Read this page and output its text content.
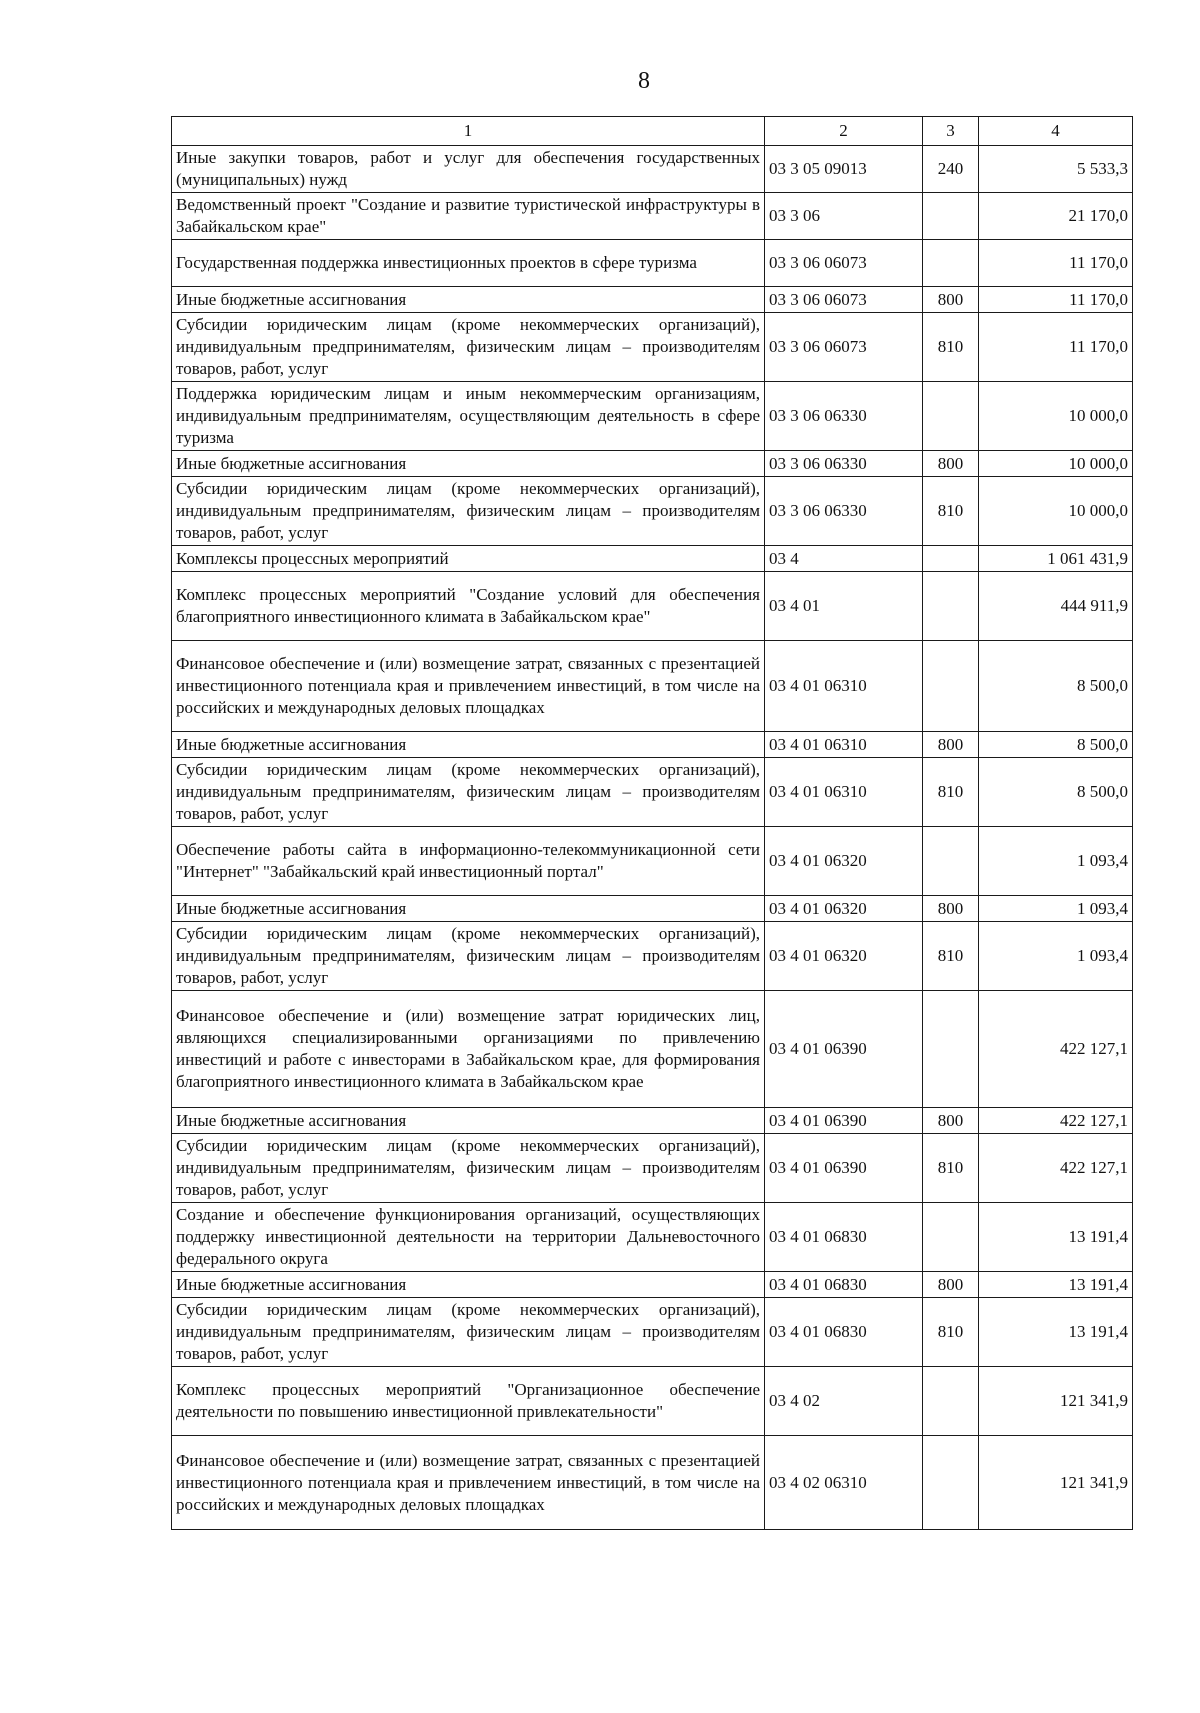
8
1	2	3	4
Иные закупки товаров, работ и услуг для обеспечения государственных (муниципальных) нужд	03 3 05 09013	240	5 533,3
Ведомственный проект "Создание и развитие туристической инфраструктуры в Забайкальском крае"	03 3 06		21 170,0
Государственная поддержка инвестиционных проектов в сфере туризма	03 3 06 06073		11 170,0
Иные бюджетные ассигнования	03 3 06 06073	800	11 170,0
Субсидии юридическим лицам (кроме некоммерческих организаций), индивидуальным предпринимателям, физическим лицам – производителям товаров, работ, услуг	03 3 06 06073	810	11 170,0
Поддержка юридическим лицам и иным некоммерческим организациям, индивидуальным предпринимателям, осуществляющим деятельность в сфере туризма	03 3 06 06330		10 000,0
Иные бюджетные ассигнования	03 3 06 06330	800	10 000,0
Субсидии юридическим лицам (кроме некоммерческих организаций), индивидуальным предпринимателям, физическим лицам – производителям товаров, работ, услуг	03 3 06 06330	810	10 000,0
Комплексы процессных мероприятий	03 4		1 061 431,9
Комплекс процессных мероприятий "Создание условий для обеспечения благоприятного инвестиционного климата в Забайкальском крае"	03 4 01		444 911,9
Финансовое обеспечение и (или) возмещение затрат, связанных с презентацией инвестиционного потенциала края и привлечением инвестиций, в том числе на российских и международных деловых площадках	03 4 01 06310		8 500,0
Иные бюджетные ассигнования	03 4 01 06310	800	8 500,0
Субсидии юридическим лицам (кроме некоммерческих организаций), индивидуальным предпринимателям, физическим лицам – производителям товаров, работ, услуг	03 4 01 06310	810	8 500,0
Обеспечение работы сайта в информационно-телекоммуникационной сети "Интернет" "Забайкальский край инвестиционный портал"	03 4 01 06320		1 093,4
Иные бюджетные ассигнования	03 4 01 06320	800	1 093,4
Субсидии юридическим лицам (кроме некоммерческих организаций), индивидуальным предпринимателям, физическим лицам – производителям товаров, работ, услуг	03 4 01 06320	810	1 093,4
Финансовое обеспечение и (или) возмещение затрат юридических лиц, являющихся специализированными организациями по привлечению инвестиций и работе с инвесторами в Забайкальском крае, для формирования благоприятного инвестиционного климата в Забайкальском крае	03 4 01 06390		422 127,1
Иные бюджетные ассигнования	03 4 01 06390	800	422 127,1
Субсидии юридическим лицам (кроме некоммерческих организаций), индивидуальным предпринимателям, физическим лицам – производителям товаров, работ, услуг	03 4 01 06390	810	422 127,1
Создание и обеспечение функционирования организаций, осуществляющих поддержку инвестиционной деятельности на территории Дальневосточного федерального округа	03 4 01 06830		13 191,4
Иные бюджетные ассигнования	03 4 01 06830	800	13 191,4
Субсидии юридическим лицам (кроме некоммерческих организаций), индивидуальным предпринимателям, физическим лицам – производителям товаров, работ, услуг	03 4 01 06830	810	13 191,4
Комплекс процессных мероприятий "Организационное обеспечение деятельности по повышению инвестиционной привлекательности"	03 4 02		121 341,9
Финансовое обеспечение и (или) возмещение затрат, связанных с презентацией инвестиционного потенциала края и привлечением инвестиций, в том числе на российских и международных деловых площадках	03 4 02 06310		121 341,9
